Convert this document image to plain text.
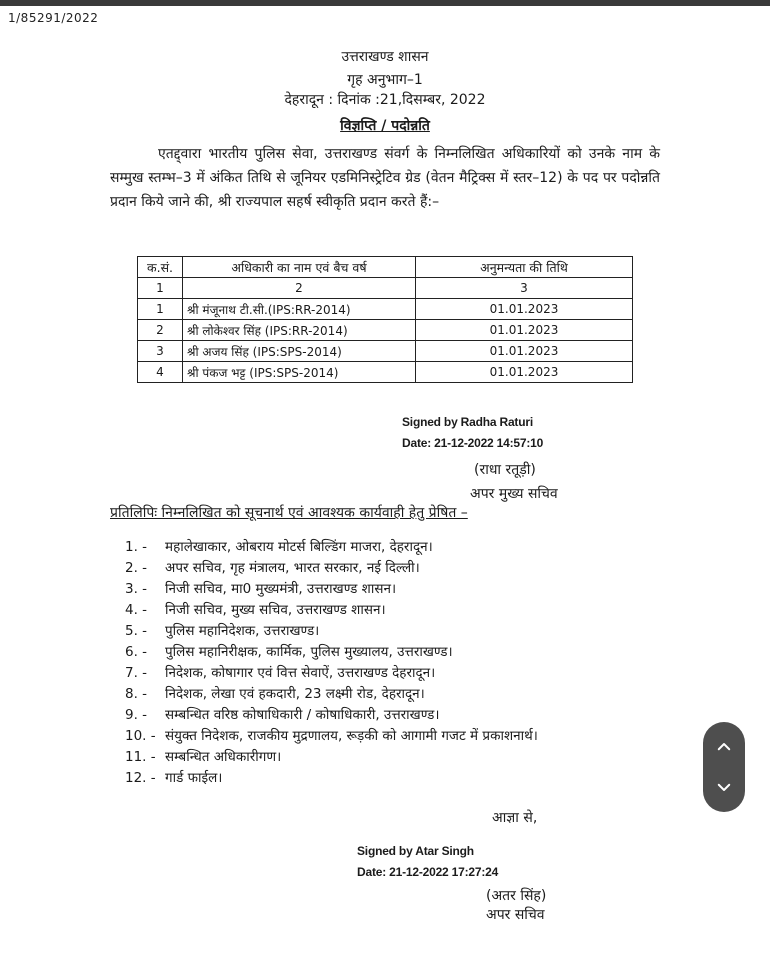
1/85291/2022
उत्तराखण्ड शासन
गृह अनुभाग–1
देहरादून : दिनांक :21,दिसम्बर, 2022
विज्ञप्ति / पदोन्नति
एतद्द्वारा भारतीय पुलिस सेवा, उत्तराखण्ड संवर्ग के निम्नलिखित अधिकारियों को उनके नाम के सम्मुख स्तम्भ–3 में अंकित तिथि से जूनियर एडमिनिस्ट्रेटिव ग्रेड (वेतन मैट्रिक्स में स्तर–12) के पद पर पदोन्नति प्रदान किये जाने की, श्री राज्यपाल सहर्ष स्वीकृति प्रदान करते हैं:–
क.सं.	अधिकारी का नाम एवं बैच वर्ष	अनुमन्यता की तिथि
1	2	3
1	श्री मंजूनाथ टी.सी.(IPS:RR-2014)	01.01.2023
2	श्री लोकेश्वर सिंह (IPS:RR-2014)	01.01.2023
3	श्री अजय सिंह (IPS:SPS-2014)	01.01.2023
4	श्री पंकज भट्ट (IPS:SPS-2014)	01.01.2023
Signed by Radha Raturi
Date: 21-12-2022 14:57:10
(राधा रतूड़ी)
अपर मुख्य सचिव
प्रतिलिपिः निम्नलिखित को सूचनार्थ एवं आवश्यक कार्यवाही हेतु प्रेषित –
1. - महालेखाकार, ओबराय मोटर्स बिल्डिंग माजरा, देहरादून।
2. - अपर सचिव, गृह मंत्रालय, भारत सरकार, नई दिल्ली।
3. - निजी सचिव, मा0 मुख्यमंत्री, उत्तराखण्ड शासन।
4. - निजी सचिव, मुख्य सचिव, उत्तराखण्ड शासन।
5. - पुलिस महानिदेशक, उत्तराखण्ड।
6. - पुलिस महानिरीक्षक, कार्मिक, पुलिस मुख्यालय, उत्तराखण्ड।
7. - निदेशक, कोषागार एवं वित्त सेवाऐं, उत्तराखण्ड देहरादून।
8. - निदेशक, लेखा एवं हकदारी, 23 लक्ष्मी रोड, देहरादून।
9. - सम्बन्धित वरिष्ठ कोषाधिकारी / कोषाधिकारी, उत्तराखण्ड।
10. - संयुक्त निदेशक, राजकीय मुद्रणालय, रूड़की को आगामी गजट में प्रकाशनार्थ।
11. - सम्बन्धित अधिकारीगण।
12. - गार्ड फाईल।
आज्ञा से,
Signed by Atar Singh
Date: 21-12-2022 17:27:24
(अतर सिंह)
अपर सचिव
